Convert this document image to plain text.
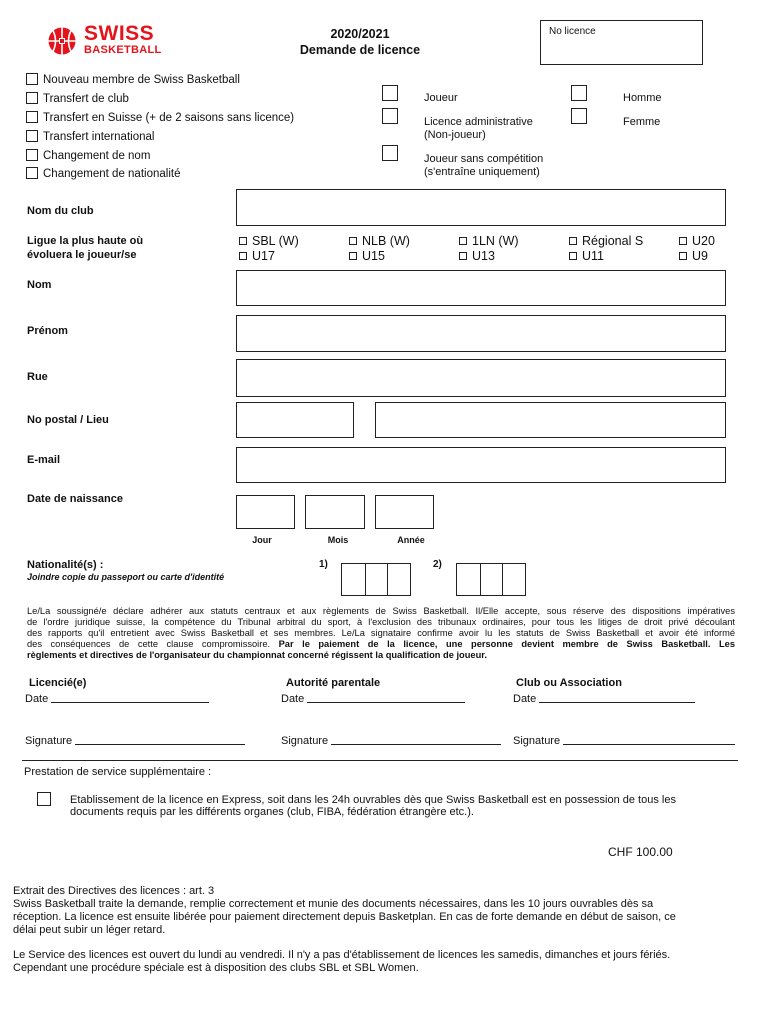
SWISS
BASKETBALL
2020/2021
Demande de licence
No licence
Nouveau membre de Swiss Basketball
Transfert de club
Transfert en Suisse (+ de 2 saisons sans licence)
Transfert international
Changement de nom
Changement de nationalité
Joueur
Licence administrative
(Non-joueur)
Joueur sans compétition
(s'entraîne uniquement)
Homme
Femme
Nom du club
Ligue la plus haute où
évoluera le joueur/se
SBL (W)
U17
NLB (W)
U15
1LN (W)
U13
Régional S
U11
U20
U9
Nom
Prénom
Rue
No postal / Lieu
E-mail
Date de naissance
Jour	Mois	Année
Nationalité(s) :
Joindre copie du passeport ou carte d'identité
1)	2)
Le/La soussigné/e déclare adhérer aux statuts centraux et aux règlements de Swiss Basketball. Il/Elle accepte, sous réserve des dispositions impératives
de l'ordre juridique suisse, la compétence du Tribunal arbitral du sport, à l'exclusion des tribunaux ordinaires, pour tous les litiges de droit privé découlant
des rapports qu'il entretient avec Swiss Basketball et ses membres. Le/La signataire confirme avoir lu les statuts de Swiss Basketball et avoir été informé
des conséquences de cette clause compromissoire. Par le paiement de la licence, une personne devient membre de Swiss Basketball. Les
règlements et directives de l'organisateur du championnat concerné régissent la qualification de joueur.
Licencié(e)	Autorité parentale	Club ou Association
Date	Date	Date
Signature	Signature	Signature
Prestation de service supplémentaire :
Etablissement de la licence en Express, soit dans les 24h ouvrables dès que Swiss Basketball est en possession de tous les
documents requis par les différents organes (club, FIBA, fédération étrangère etc.).
CHF 100.00
Extrait des Directives des licences : art. 3
Swiss Basketball traite la demande, remplie correctement et munie des documents nécessaires, dans les 10 jours ouvrables dès sa
réception. La licence est ensuite libérée pour paiement directement depuis Basketplan. En cas de forte demande en début de saison, ce
délai peut subir un léger retard.
Le Service des licences est ouvert du lundi au vendredi. Il n'y a pas d'établissement de licences les samedis, dimanches et jours fériés.
Cependant une procédure spéciale est à disposition des clubs SBL et SBL Women.
